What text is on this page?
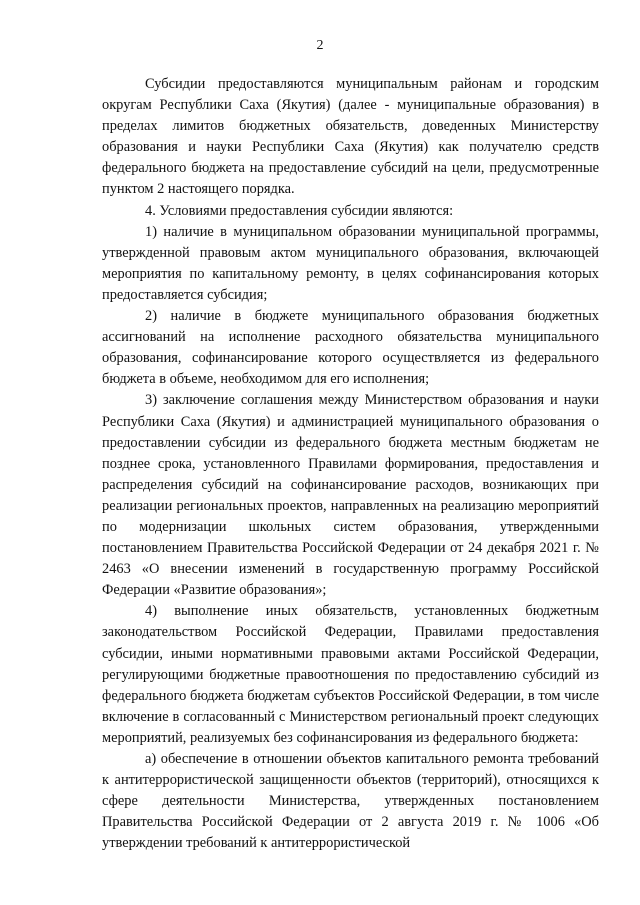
2

Субсидии предоставляются муниципальным районам и городским округам Республики Саха (Якутия) (далее - муниципальные образования) в пределах лимитов бюджетных обязательств, доведенных Министерству образования и науки Республики Саха (Якутия) как получателю средств федерального бюджета на предоставление субсидий на цели, предусмотренные пунктом 2 настоящего порядка.

4. Условиями предоставления субсидии являются:

1) наличие в муниципальном образовании муниципальной программы, утвержденной правовым актом муниципального образования, включающей мероприятия по капитальному ремонту, в целях софинансирования которых предоставляется субсидия;

2) наличие в бюджете муниципального образования бюджетных ассигнований на исполнение расходного обязательства муниципального образования, софинансирование которого осуществляется из федерального бюджета в объеме, необходимом для его исполнения;

3) заключение соглашения между Министерством образования и науки Республики Саха (Якутия) и администрацией муниципального образования о предоставлении субсидии из федерального бюджета местным бюджетам не позднее срока, установленного Правилами формирования, предоставления и распределения субсидий на софинансирование расходов, возникающих при реализации региональных проектов, направленных на реализацию мероприятий по модернизации школьных систем образования, утвержденными постановлением Правительства Российской Федерации от 24 декабря 2021 г. № 2463 «О внесении изменений в государственную программу Российской Федерации «Развитие образования»;

4) выполнение иных обязательств, установленных бюджетным законодательством Российской Федерации, Правилами предоставления субсидии, иными нормативными правовыми актами Российской Федерации, регулирующими бюджетные правоотношения по предоставлению субсидий из федерального бюджета бюджетам субъектов Российской Федерации, в том числе включение в согласованный с Министерством региональный проект следующих мероприятий, реализуемых без софинансирования из федерального бюджета:

а) обеспечение в отношении объектов капитального ремонта требований к антитеррористической защищенности объектов (территорий), относящихся к сфере деятельности Министерства, утвержденных постановлением Правительства Российской Федерации от 2 августа 2019 г. № 1006 «Об утверждении требований к антитеррористической
